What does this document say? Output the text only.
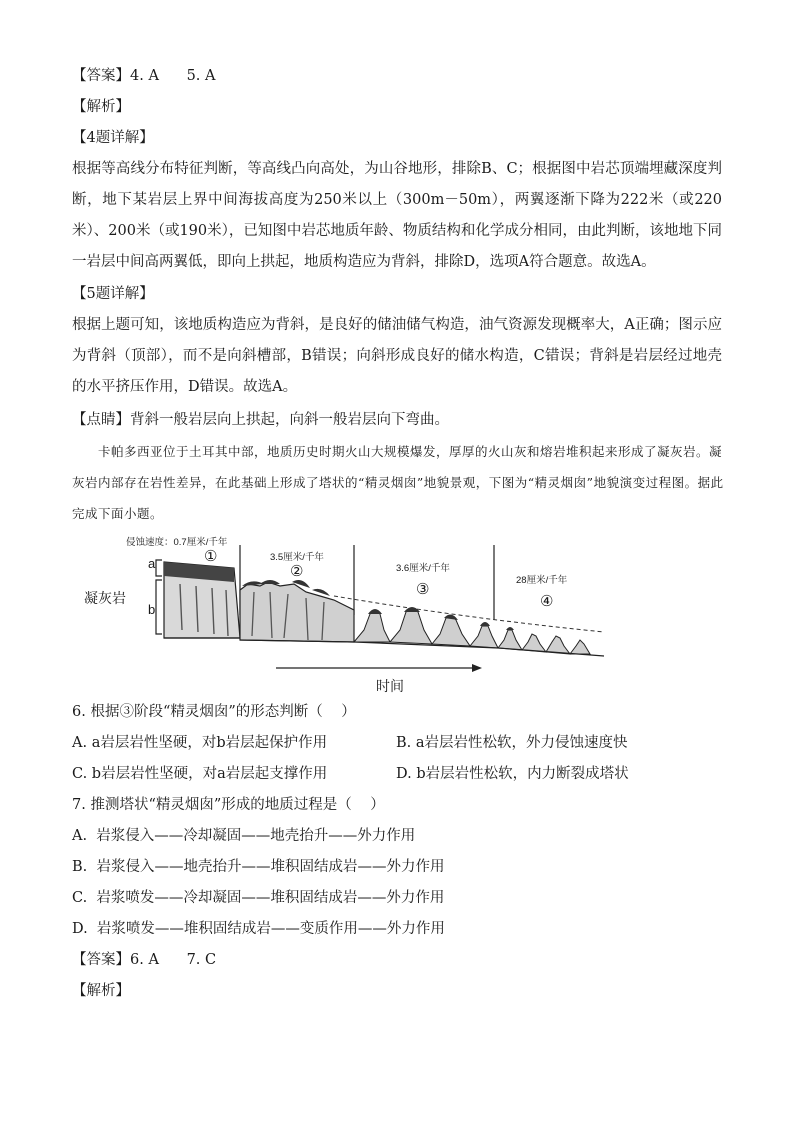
【答案】4. A      5. A
【解析】
【4题详解】
根据等高线分布特征判断，等高线凸向高处，为山谷地形，排除B、C；根据图中岩芯顶端埋藏深度判断，地下某岩层上界中间海拔高度为250米以上（300m－50m），两翼逐渐下降为222米（或220米）、200米（或190米），已知图中岩芯地质年龄、物质结构和化学成分相同，由此判断，该地地下同一岩层中间高两翼低，即向上拱起，地质构造应为背斜，排除D，选项A符合题意。故选A。
【5题详解】
根据上题可知，该地质构造应为背斜，是良好的储油储气构造，油气资源发现概率大，A正确；图示应为背斜（顶部），而不是向斜槽部，B错误；向斜形成良好的储水构造，C错误；背斜是岩层经过地壳的水平挤压作用，D错误。故选A。
【点睛】背斜一般岩层向上拱起，向斜一般岩层向下弯曲。
卡帕多西亚位于土耳其中部，地质历史时期火山大规模爆发，厚厚的火山灰和熔岩堆积起来形成了凝灰岩。凝灰岩内部存在岩性差异，在此基础上形成了塔状的“精灵烟囱”地貌景观，下图为“精灵烟囱”地貌演变过程图。据此完成下面小题。
侵蚀速度：0.7厘米/千年
3.5厘米/千年
3.6厘米/千年
28厘米/千年
①
②
③
④
凝灰岩
a
b
时间
6. 根据③阶段“精灵烟囱”的形态判断（    ）
A. a岩层岩性坚硬，对b岩层起保护作用	B. a岩层岩性松软，外力侵蚀速度快
C. b岩层岩性坚硬，对a岩层起支撑作用	D. b岩层岩性松软，内力断裂成塔状
7. 推测塔状“精灵烟囱”形成的地质过程是（    ）
A.  岩浆侵入——冷却凝固——地壳抬升——外力作用
B.  岩浆侵入——地壳抬升——堆积固结成岩——外力作用
C.  岩浆喷发——冷却凝固——堆积固结成岩——外力作用
D.  岩浆喷发——堆积固结成岩——变质作用——外力作用
【答案】6. A      7. C
【解析】
